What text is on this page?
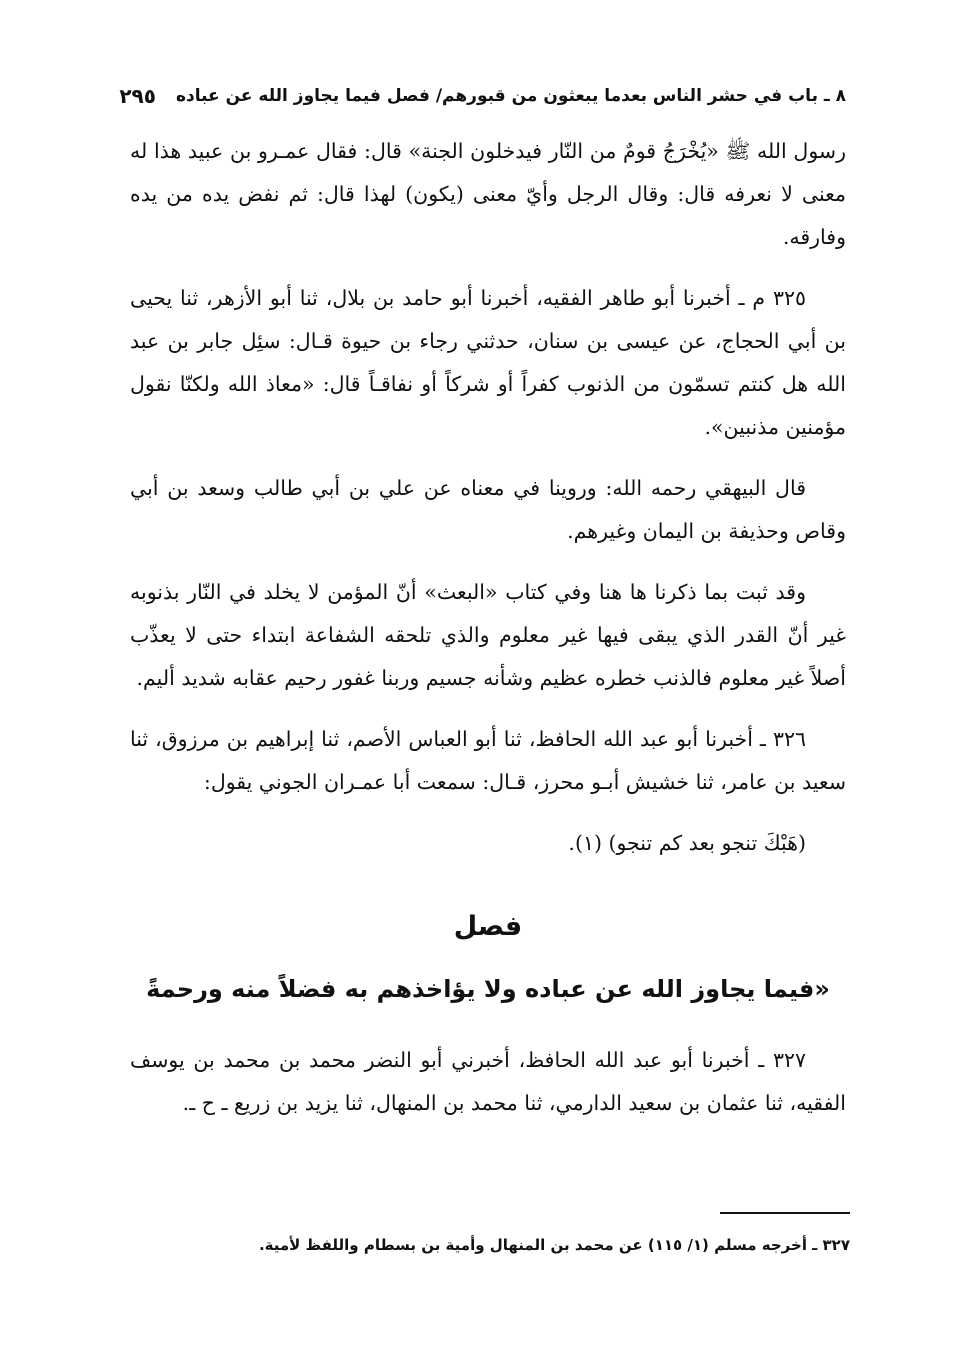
٨ ـ باب في حشر الناس بعدما يبعثون من قبورهم/ فصل فيما يجاوز الله عن عباده
٢٩٥

رسول الله ﷺ «يُخْرَجُ قومٌ من النّار فيدخلون الجنة» قال: فقال عمـرو بن عبيد هذا له معنى لا نعرفه قال: وقال الرجل وأيّ معنى (يكون) لهذا قال: ثم نفض يده من يده وفارقه.

٣٢٥ م ـ أخبرنا أبو طاهر الفقيه، أخبرنا أبو حامد بن بلال، ثنا أبو الأزهر، ثنا يحيى بن أبي الحجاج، عن عيسى بن سنان، حدثني رجاء بن حيوة قـال: سئِل جابر بن عبد الله هل كنتم تسمّون من الذنوب كفراً أو شركاً أو نفاقـاً قال: «معاذ الله ولكنّا نقول مؤمنين مذنبين».

قال البيهقي رحمه الله: وروينا في معناه عن علي بن أبي طالب وسعد بن أبي وقاص وحذيفة بن اليمان وغيرهم.

وقد ثبت بما ذكرنا ها هنا وفي كتاب «البعث» أنّ المؤمن لا يخلد في النّار بذنوبه غير أنّ القدر الذي يبقى فيها غير معلوم والذي تلحقه الشفاعة ابتداء حتى لا يعذّب أصلاً غير معلوم فالذنب خطره عظيم وشأنه جسيم وربنا غفور رحيم عقابه شديد أليم.

٣٢٦ ـ أخبرنا أبو عبد الله الحافظ، ثنا أبو العباس الأصم، ثنا إبراهيم بن مرزوق، ثنا سعيد بن عامر، ثنا خشيش أبـو محرز، قـال: سمعت أبا عمـران الجوني يقول:

(هَبْكَ تنجو بعد كم تنجو) (١).

فصل
«فيما يجاوز الله عن عباده ولا يؤاخذهم به فضلاً منه ورحمةً

٣٢٧ ـ أخبرنا أبو عبد الله الحافظ، أخبرني أبو النضر محمد بن محمد بن يوسف الفقيه، ثنا عثمان بن سعيد الدارمي، ثنا محمد بن المنهال، ثنا يزيد بن زريع ـ ح ـ.

٣٢٧ ـ أخرجه مسلم (١/ ١١٥) عن محمد بن المنهال وأمية بن بسطام واللفظ لأمية.
